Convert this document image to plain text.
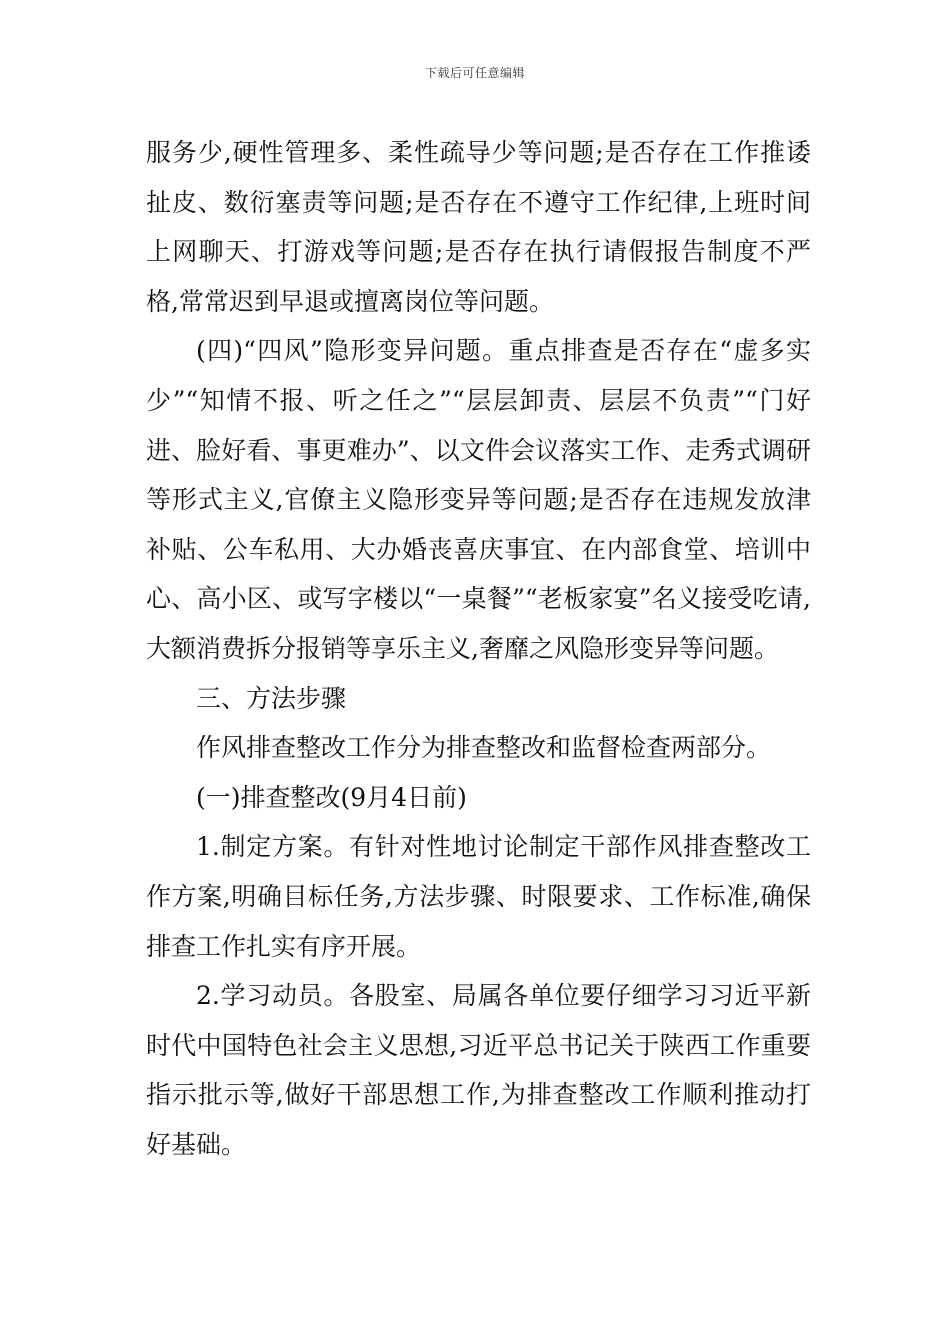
下载后可任意编辑

服务少,硬性管理多、柔性疏导少等问题;是否存在工作推诿扯皮、数衍塞责等问题;是否存在不遵守工作纪律,上班时间上网聊天、打游戏等问题;是否存在执行请假报告制度不严格,常常迟到早退或擅离岗位等问题。

(四)“四风”隐形变异问题。重点排查是否存在“虚多实少”“知情不报、听之任之”“层层卸责、层层不负责”“门好进、脸好看、事更难办”、以文件会议落实工作、走秀式调研等形式主义,官僚主义隐形变异等问题;是否存在违规发放津补贴、公车私用、大办婚丧喜庆事宜、在内部食堂、培训中心、高小区、或写字楼以“一桌餐”“老板家宴”名义接受吃请,大额消费拆分报销等享乐主义,奢靡之风隐形变异等问题。

三、方法步骤

作风排查整改工作分为排查整改和监督检查两部分。

(一)排查整改(9月4日前)

1.制定方案。有针对性地讨论制定干部作风排查整改工作方案,明确目标任务,方法步骤、时限要求、工作标准,确保排查工作扎实有序开展。

2.学习动员。各股室、局属各单位要仔细学习习近平新时代中国特色社会主义思想,习近平总书记关于陕西工作重要指示批示等,做好干部思想工作,为排查整改工作顺利推动打好基础。
